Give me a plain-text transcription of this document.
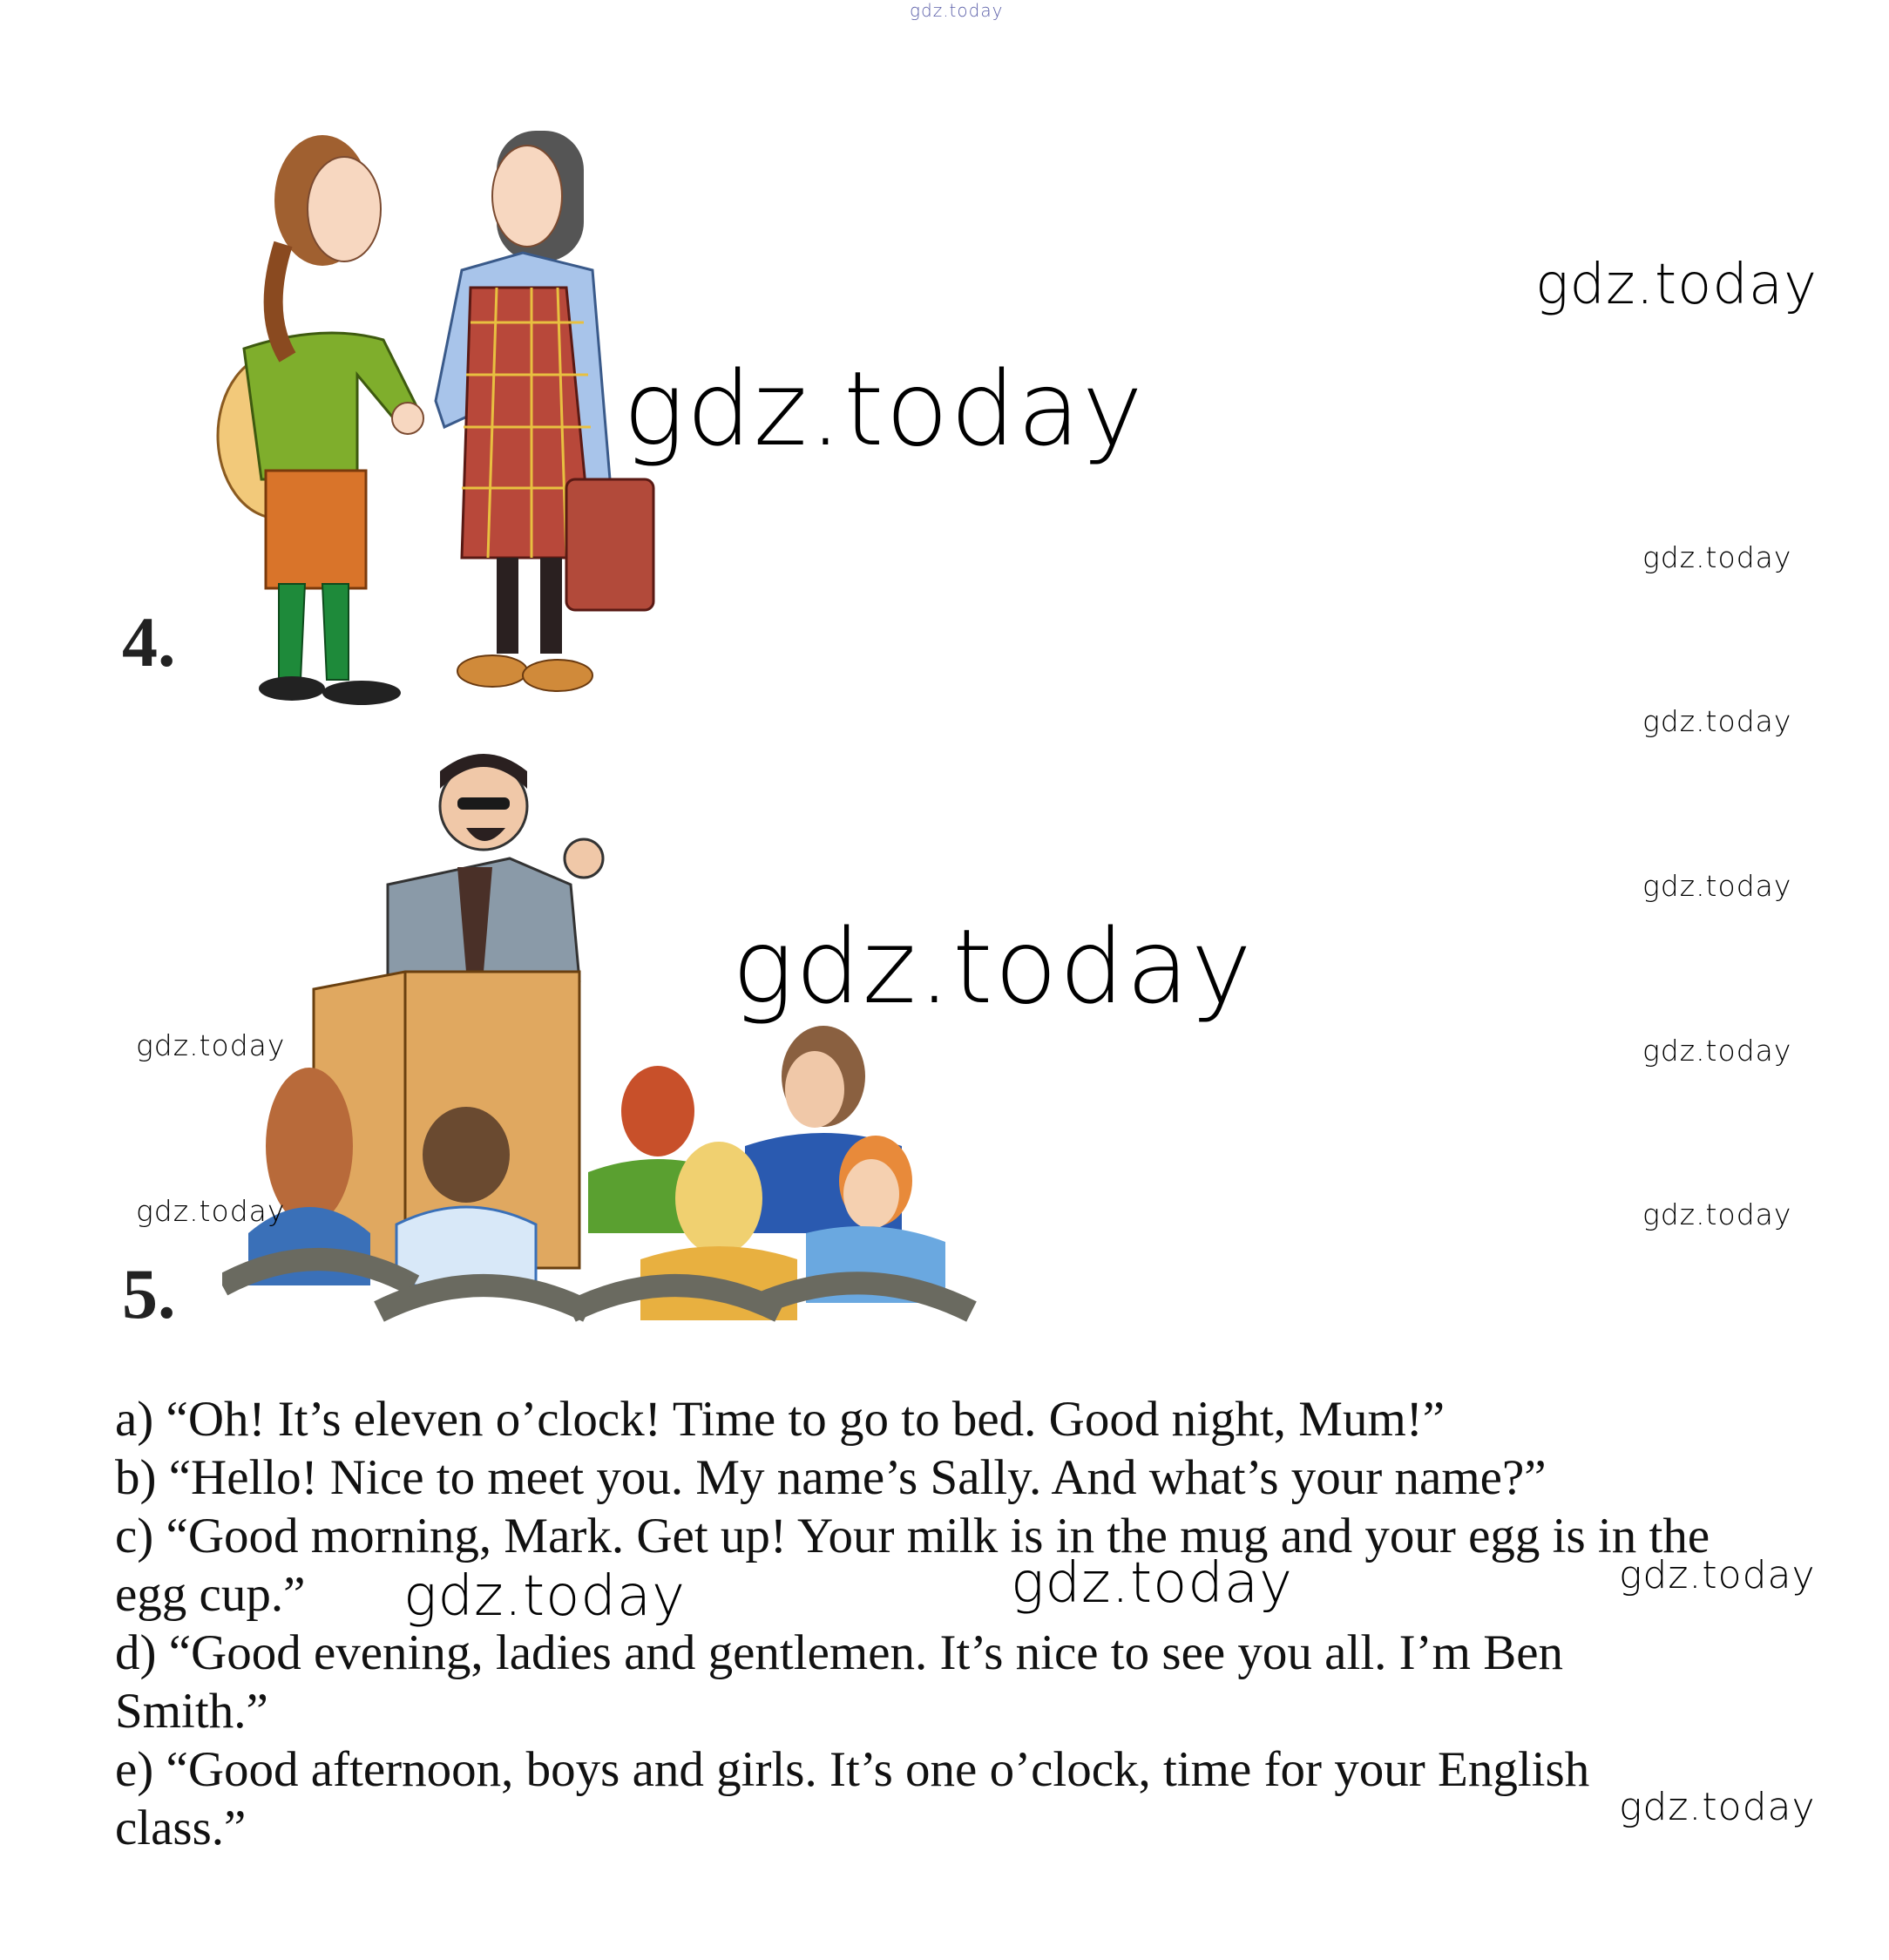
gdz.today
4.
5.
gdz.today
gdz.today
gdz.today
gdz.today
gdz.today
gdz.today
gdz.today
gdz.today
gdz.today
gdz.today
a) “Oh! It’s eleven o’clock! Time to go to bed. Good night, Mum!”
b) “Hello! Nice to meet you. My name’s Sally. And what’s your name?”
c) “Good morning, Mark. Get up! Your milk is in the mug and your egg is in the
egg cup.”
d) “Good evening, ladies and gentlemen. It’s nice to see you all. I’m Ben
Smith.”
e) “Good afternoon, boys and girls. It’s one o’clock, time for your English
class.”
gdz.today	gdz.today	gdz.today
gdz.today
